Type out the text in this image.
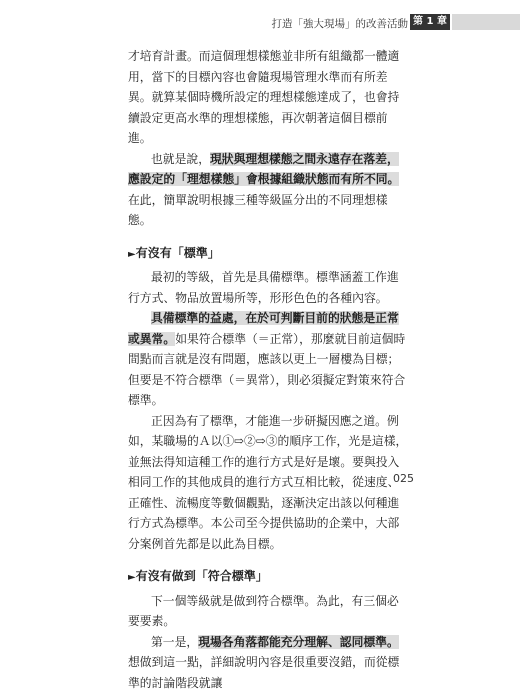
打造「強大現場」的改善活動 第 1 章

才培育計畫。而這個理想樣態並非所有組織都一體適用，當下的目標內容也會隨現場管理水準而有所差異。就算某個時機所設定的理想樣態達成了，也會持續設定更高水準的理想樣態，再次朝著這個目標前進。

也就是說，現狀與理想樣態之間永遠存在落差，應設定的「理想樣態」會根據組織狀態而有所不同。在此，簡單說明根據三種等級區分出的不同理想樣態。

►有沒有「標準」

最初的等級，首先是具備標準。標準涵蓋工作進行方式、物品放置場所等，形形色色的各種內容。

具備標準的益處，在於可判斷目前的狀態是正常或異常。如果符合標準（＝正常），那麼就目前這個時間點而言就是沒有問題，應該以更上一層樓為目標；但要是不符合標準（＝異常），則必須擬定對策來符合標準。

正因為有了標準，才能進一步研擬因應之道。例如，某職場的Ａ以①⇨②⇨③的順序工作，光是這樣，並無法得知這種工作的進行方式是好是壞。要與投入相同工作的其他成員的進行方式互相比較，從速度、正確性、流暢度等數個觀點，逐漸決定出該以何種進行方式為標準。本公司至今提供協助的企業中，大部分案例首先都是以此為目標。

►有沒有做到「符合標準」

下一個等級就是做到符合標準。為此，有三個必要要素。

第一是，現場各角落都能充分理解、認同標準。想做到這一點，詳細說明內容是很重要沒錯，而從標準的討論階段就讓

025
